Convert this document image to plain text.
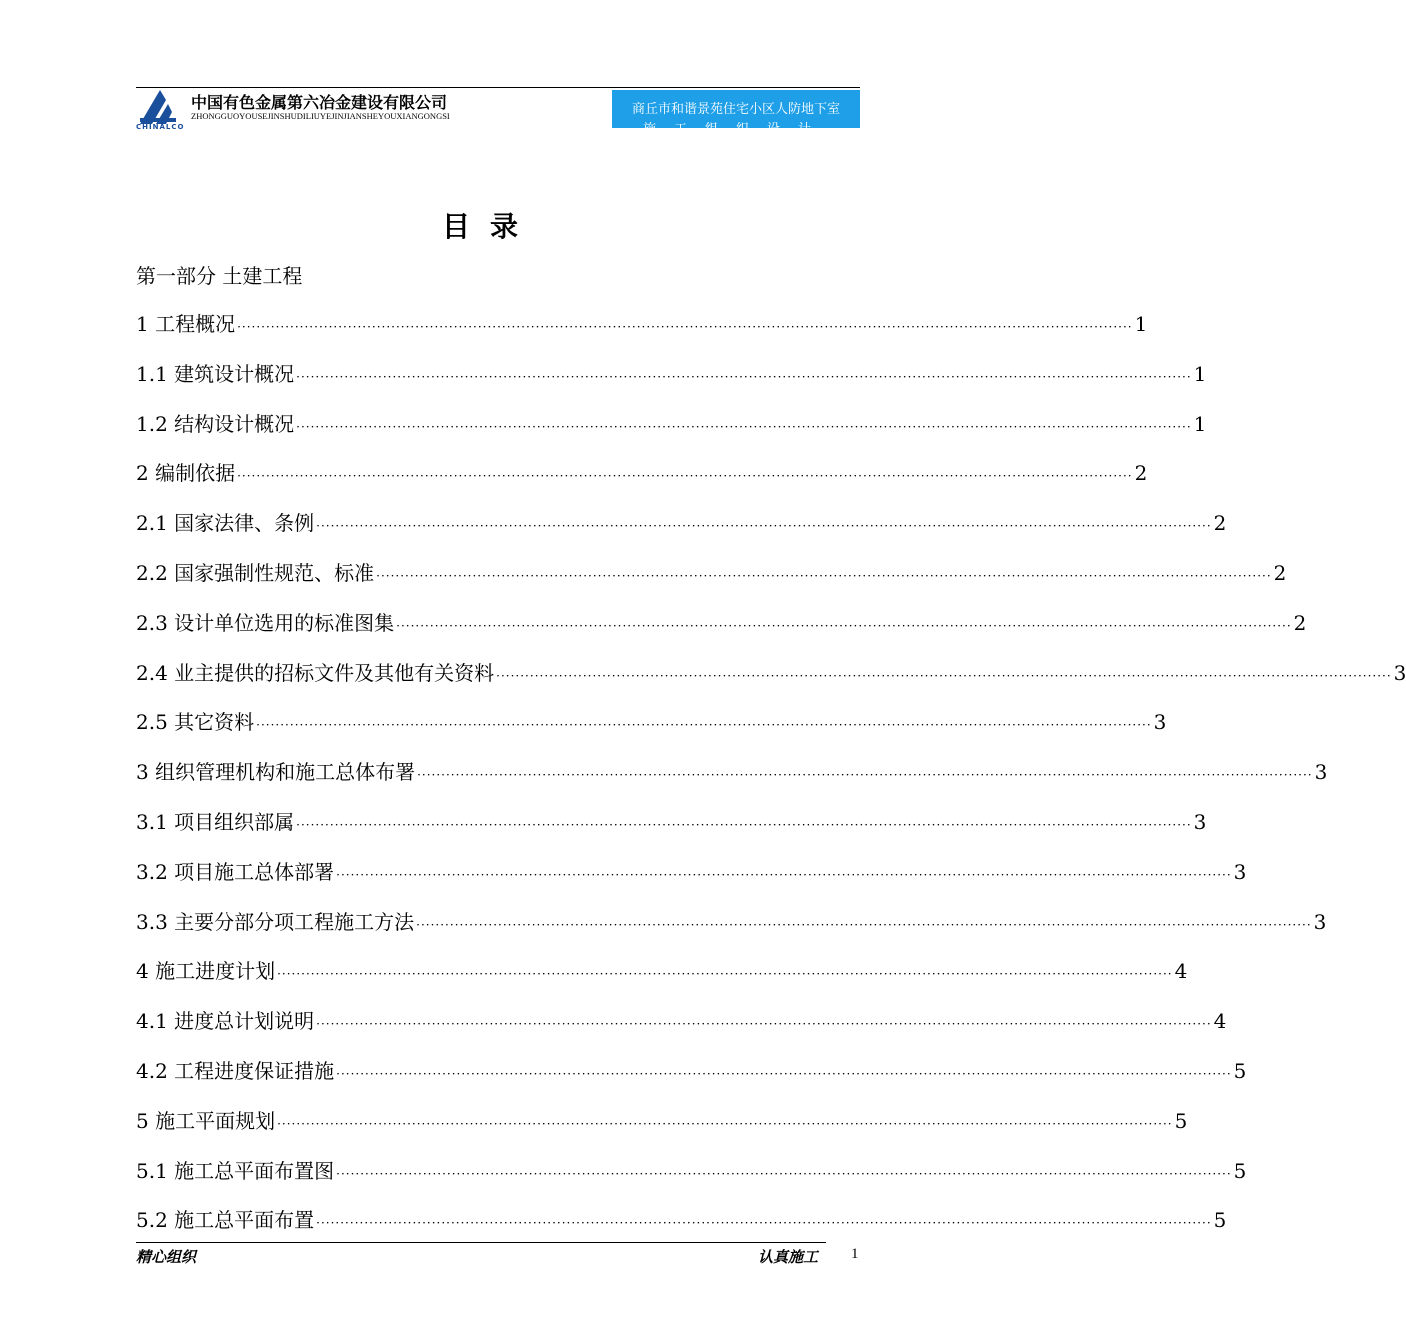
CHINALCO
中国有色金属第六冶金建设有限公司
ZHONGGUOYOUSEJINSHUDILIUYEJINJIANSHEYOUXIANGONGSI	商丘市和谐景苑住宅小区人防地下室
施工组织设计
目录
第一部分 土建工程
1 工程概况 ·····	1
1.1 建筑设计概况 ·····	1
1.2 结构设计概况 ·····	1
2 编制依据 ·····	2
2.1 国家法律、条例 ·····	2
2.2 国家强制性规范、标准 ·····	2
2.3 设计单位选用的标准图集 ·····	2
2.4 业主提供的招标文件及其他有关资料 ·····	3
2.5 其它资料 ·····	3
3 组织管理机构和施工总体布署 ·····	3
3.1 项目组织部属 ·····	3
3.2 项目施工总体部署 ·····	3
3.3 主要分部分项工程施工方法 ·····	3
4 施工进度计划 ·····	4
4.1 进度总计划说明 ·····	4
4.2 工程进度保证措施 ·····	5
5 施工平面规划 ·····	5
5.1 施工总平面布置图 ·····	5
5.2 施工总平面布置 ·····	5
精心组织	认真施工 1
